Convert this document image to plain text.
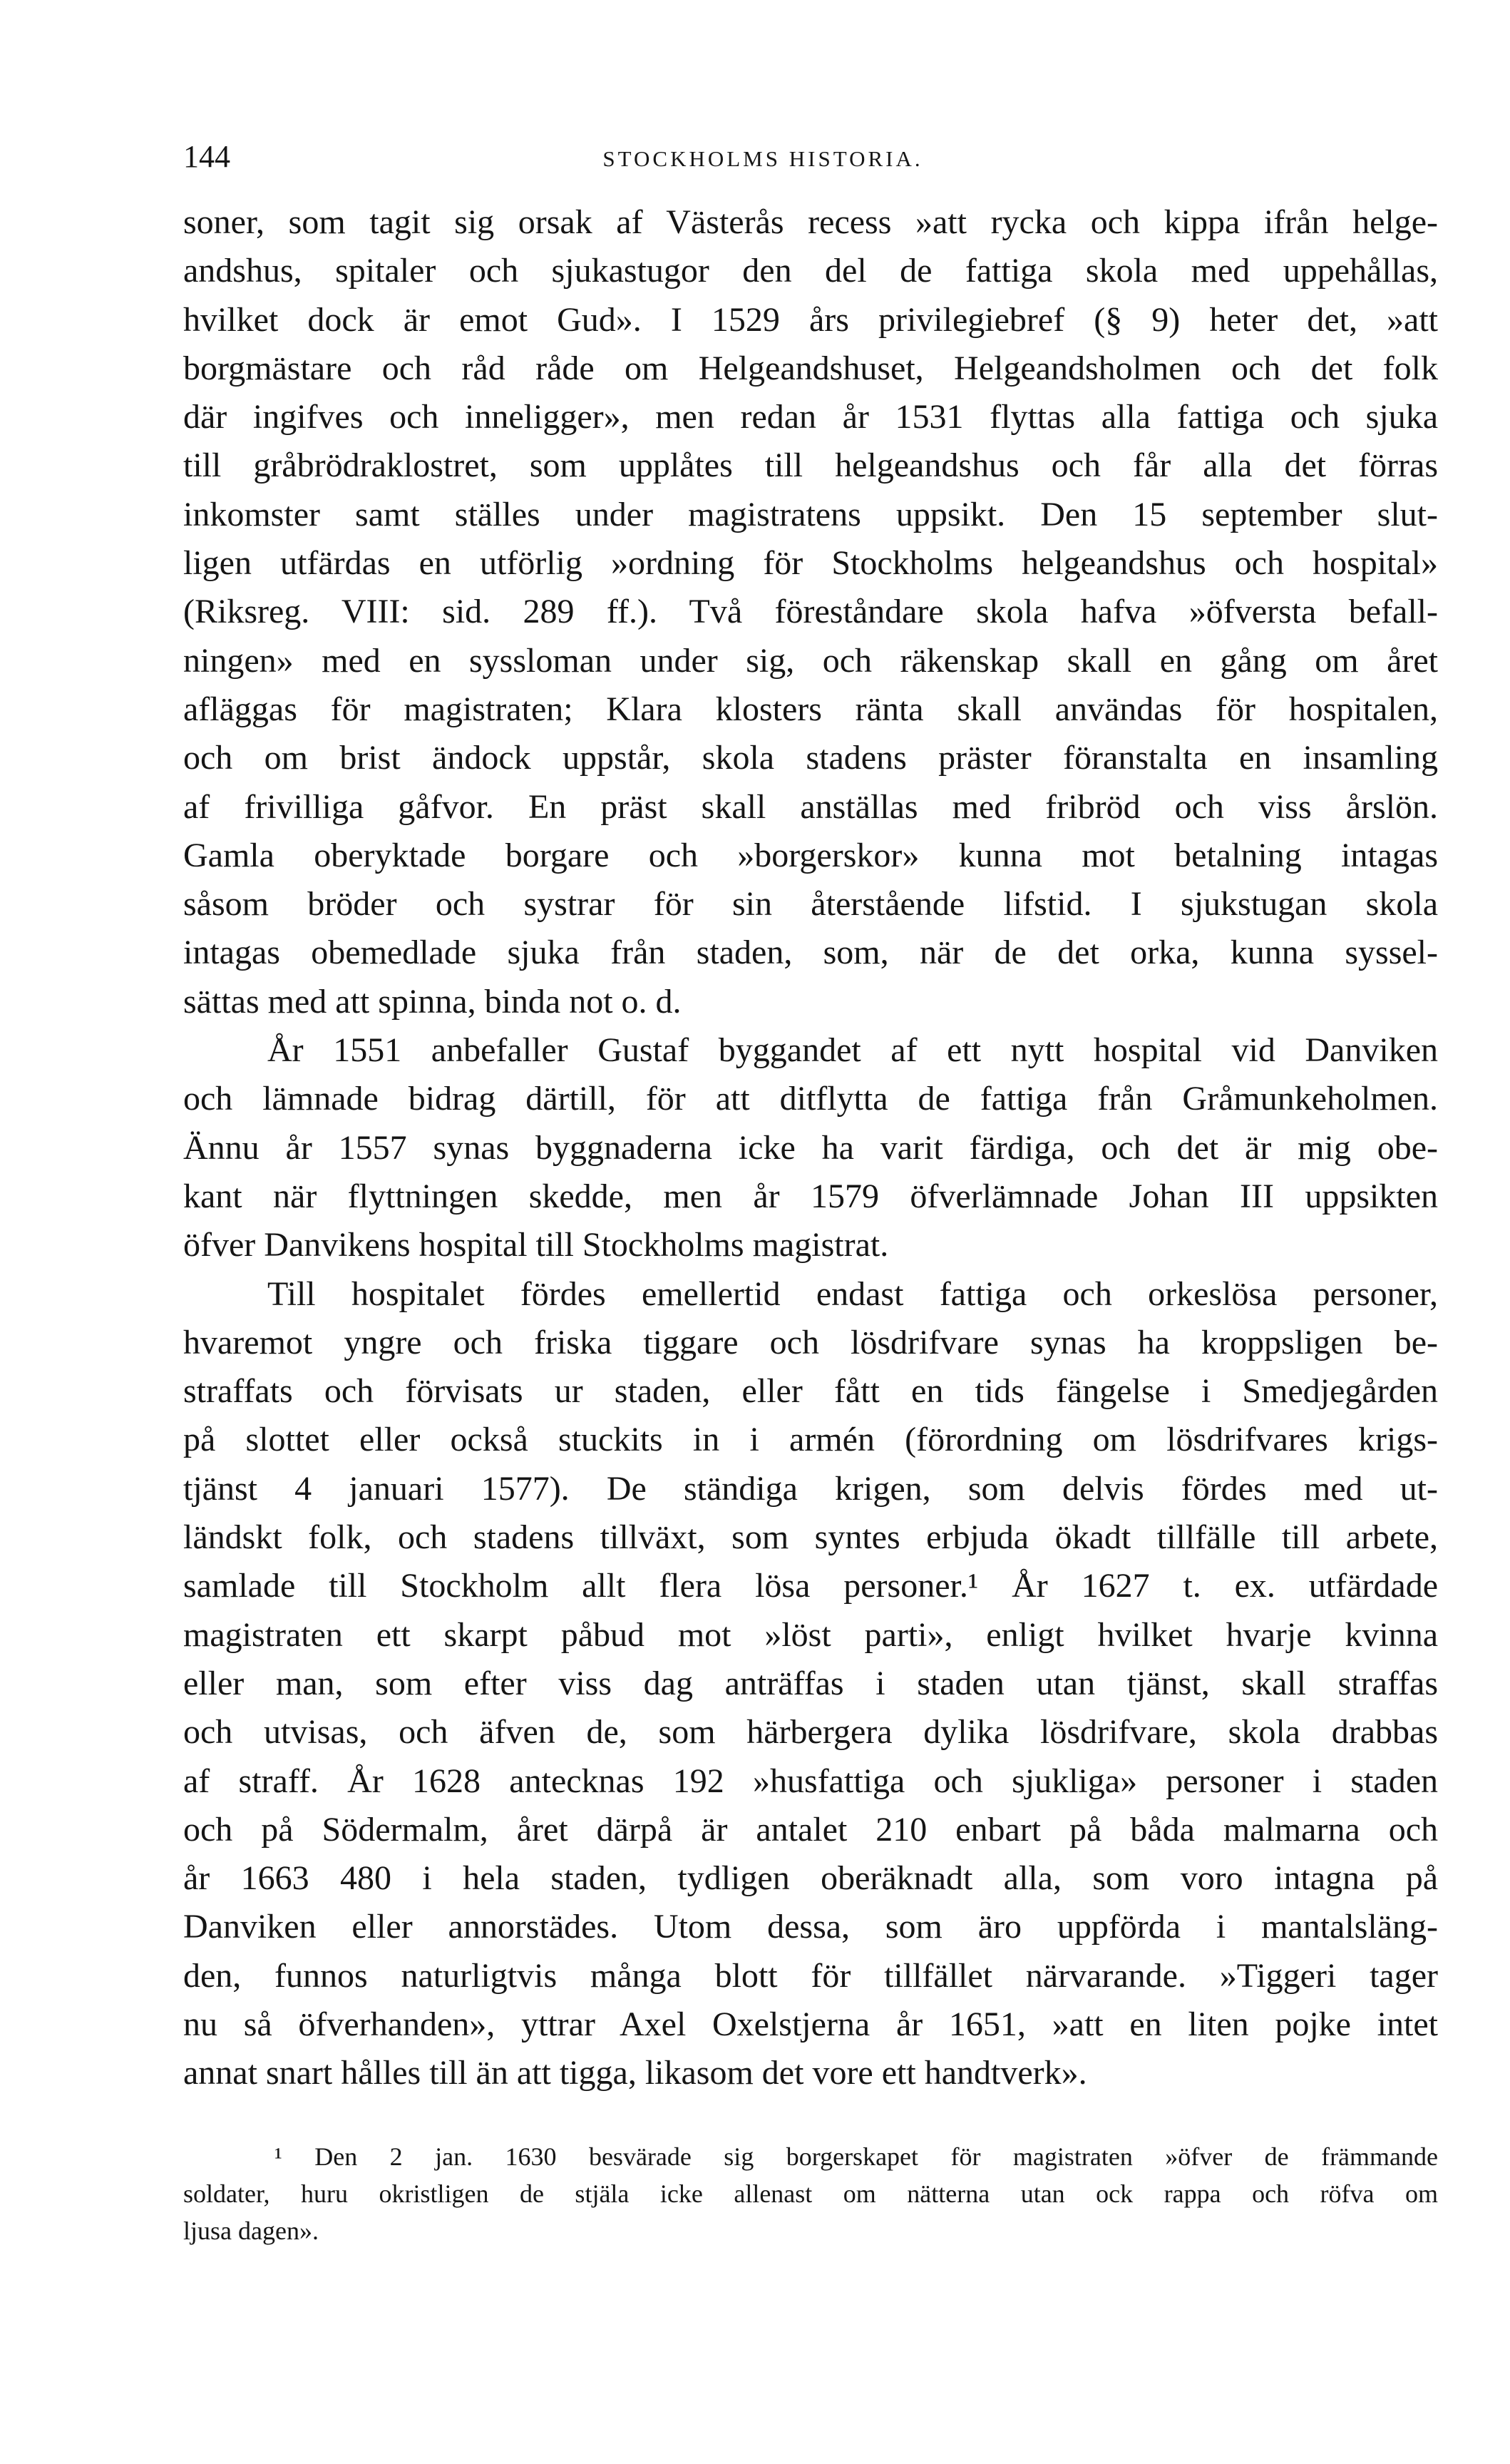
144	STOCKHOLMS HISTORIA.
soner, som tagit sig orsak af Västerås recess »att rycka och kippa ifrån helge-
andshus, spitaler och sjukastugor den del de fattiga skola med uppehållas,
hvilket dock är emot Gud». I 1529 års privilegiebref (§ 9) heter det, »att
borgmästare och råd råde om Helgeandshuset, Helgeandsholmen och det folk
där ingifves och inneligger», men redan år 1531 flyttas alla fattiga och sjuka
till gråbrödraklostret, som upplåtes till helgeandshus och får alla det förras
inkomster samt ställes under magistratens uppsikt. Den 15 september slut-
ligen utfärdas en utförlig »ordning för Stockholms helgeandshus och hospital»
(Riksreg. VIII: sid. 289 ff.). Två föreståndare skola hafva »öfversta befall-
ningen» med en syssloman under sig, och räkenskap skall en gång om året
afläggas för magistraten; Klara klosters ränta skall användas för hospitalen,
och om brist ändock uppstår, skola stadens präster föranstalta en insamling
af frivilliga gåfvor. En präst skall anställas med fribröd och viss årslön.
Gamla oberyktade borgare och »borgerskor» kunna mot betalning intagas
såsom bröder och systrar för sin återstående lifstid. I sjukstugan skola
intagas obemedlade sjuka från staden, som, när de det orka, kunna syssel-
sättas med att spinna, binda not o. d.
År 1551 anbefaller Gustaf byggandet af ett nytt hospital vid Danviken
och lämnade bidrag därtill, för att ditflytta de fattiga från Gråmunkeholmen.
Ännu år 1557 synas byggnaderna icke ha varit färdiga, och det är mig obe-
kant när flyttningen skedde, men år 1579 öfverlämnade Johan III uppsikten
öfver Danvikens hospital till Stockholms magistrat.
Till hospitalet fördes emellertid endast fattiga och orkeslösa personer,
hvaremot yngre och friska tiggare och lösdrifvare synas ha kroppsligen be-
straffats och förvisats ur staden, eller fått en tids fängelse i Smedjegården
på slottet eller också stuckits in i armén (förordning om lösdrifvares krigs-
tjänst 4 januari 1577). De ständiga krigen, som delvis fördes med ut-
ländskt folk, och stadens tillväxt, som syntes erbjuda ökadt tillfälle till arbete,
samlade till Stockholm allt flera lösa personer.¹ År 1627 t. ex. utfärdade
magistraten ett skarpt påbud mot »löst parti», enligt hvilket hvarje kvinna
eller man, som efter viss dag anträffas i staden utan tjänst, skall straffas
och utvisas, och äfven de, som härbergera dylika lösdrifvare, skola drabbas
af straff. År 1628 antecknas 192 »husfattiga och sjukliga» personer i staden
och på Södermalm, året därpå är antalet 210 enbart på båda malmarna och
år 1663 480 i hela staden, tydligen oberäknadt alla, som voro intagna på
Danviken eller annorstädes. Utom dessa, som äro uppförda i mantalsläng-
den, funnos naturligtvis många blott för tillfället närvarande. »Tiggeri tager
nu så öfverhanden», yttrar Axel Oxelstjerna år 1651, »att en liten pojke intet
annat snart hålles till än att tigga, likasom det vore ett handtverk».
¹ Den 2 jan. 1630 besvärade sig borgerskapet för magistraten »öfver de främmande
soldater, huru okristligen de stjäla icke allenast om nätterna utan ock rappa och röfva om
ljusa dagen».
